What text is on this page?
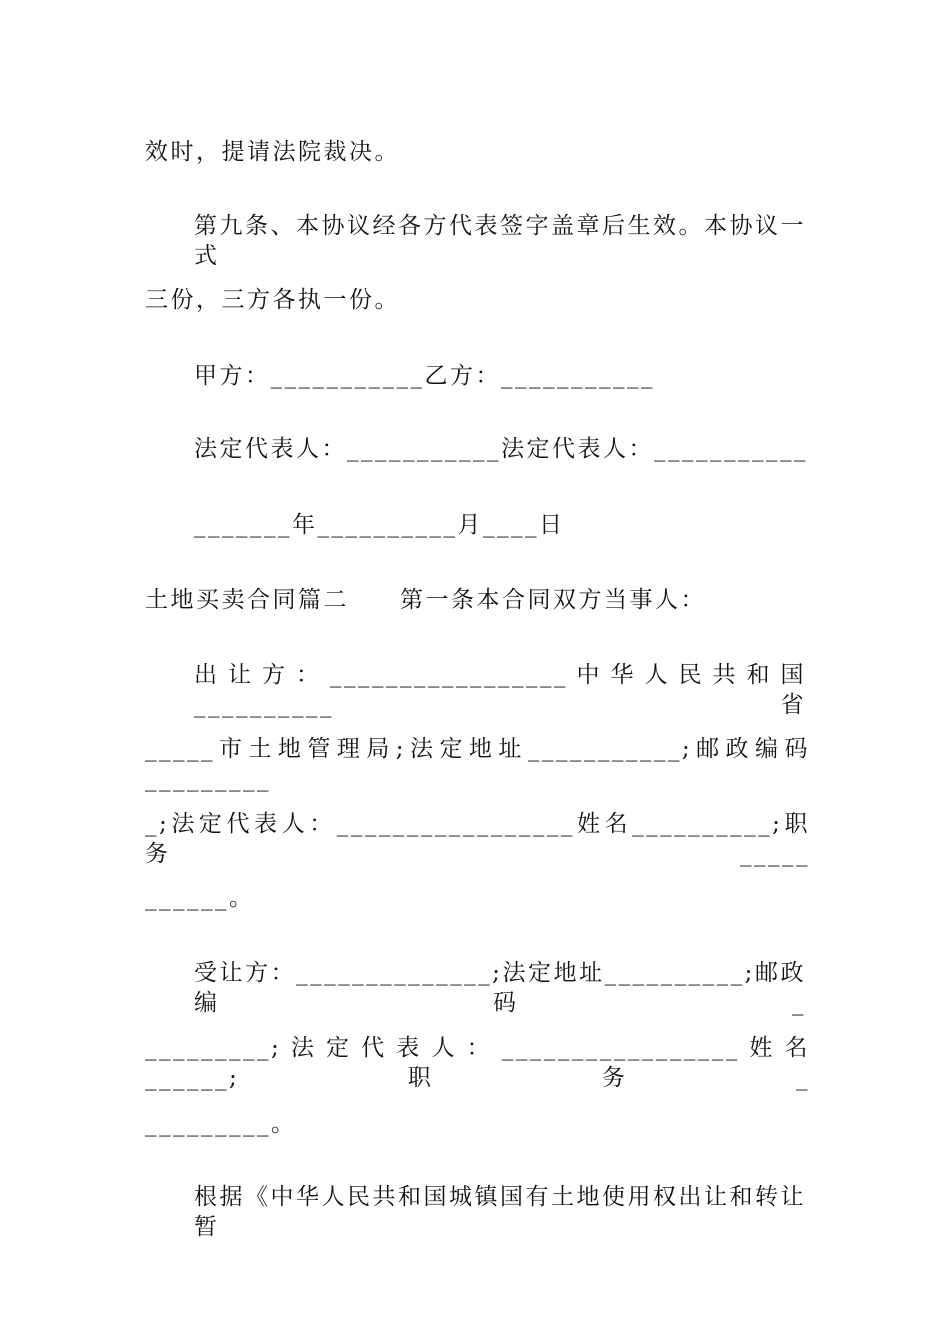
效时，提请法院裁决。
第九条、本协议经各方代表签字盖章后生效。本协议一式
三份，三方各执一份。
甲方：___________乙方：___________
法定代表人：___________法定代表人：___________
_______年__________月____日
土地买卖合同篇二　　第一条本合同双方当事人：
出让方：_________________中华人民共和国__________省
_____市土地管理局;法定地址___________;邮政编码_________
_;法定代表人：_________________姓名__________;职务_____
______。
受让方：______________;法定地址__________;邮政编码_
_________;法定代表人：_________________姓名______;职务_
_________。
根据《中华人民共和国城镇国有土地使用权出让和转让暂
